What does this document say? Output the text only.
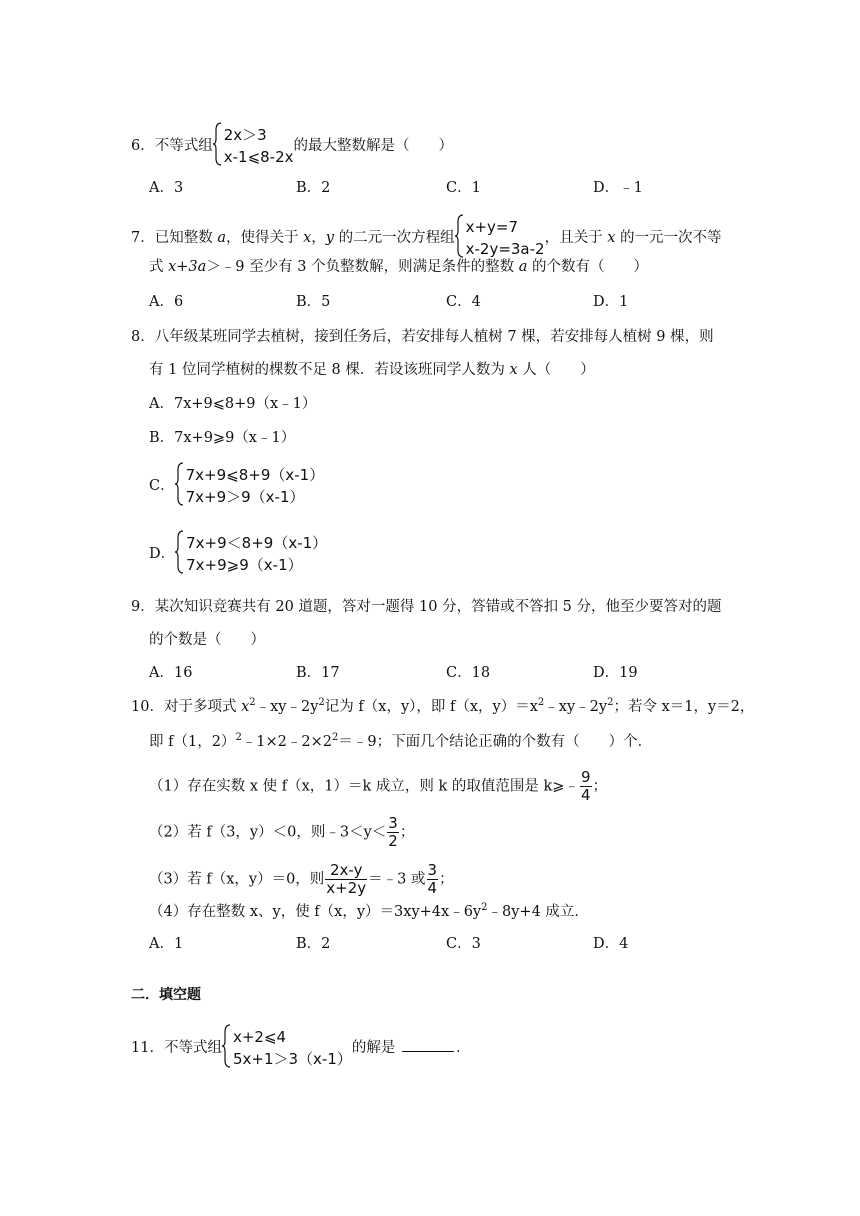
6．不等式组
2x＞3
x-1⩽8-2x
的最大整数解是（　　）
A．3	B．2	C．1	D．﹣1
7．已知整数 a，使得关于 x，y 的二元一次方程组
x+y=7
x-2y=3a-2
，且关于 x 的一元一次不等
式 x+3a＞﹣9 至少有 3 个负整数解，则满足条件的整数 a 的个数有（　　）
A．6	B．5	C．4	D．1
8．八年级某班同学去植树，接到任务后，若安排每人植树 7 棵，若安排每人植树 9 棵，则
有 1 位同学植树的棵数不足 8 棵．若设该班同学人数为 x 人（　　）
A．7x+9⩽8+9（x﹣1）
B．7x+9⩾9（x﹣1）
C．
7x+9⩽8+9（x-1）
7x+9＞9（x-1）
D．
7x+9＜8+9（x-1）
7x+9⩾9（x-1）
9．某次知识竞赛共有 20 道题，答对一题得 10 分，答错或不答扣 5 分，他至少要答对的题
的个数是（　　）
A．16	B．17	C．18	D．19
10．对于多项式 $x^2﹣xy﹣2y^2$记为 f（x，y），即 f（x，$y)=x^2﹣xy﹣2y^2$；若令 x＝1，y＝2，
即 f（1，$2)^2﹣1\times 2﹣2\times 2^2=﹣9$；下面几个结论正确的个数有（　　）个．
（1）存在实数 x 使 f（x，1）＝k 成立，则 k 的取值范围是 k⩾﹣ $\frac{9}{4}$ ；
（2）若 f（3，y）＜0，则﹣3＜y＜ $\frac{3}{2}$ ；
（3）若 f（x，y）＝0，则 $\frac{2x-y}{x+2y}$ ＝﹣3 或 $\frac{3}{4}$ ；
（4）存在整数 x、y，使 f（x，$y)=3xy+4x﹣6y^2﹣8y+4$ 成立．
A．1	B．2	C．3	D．4
二．填空题
11．不等式组
x+2⩽4
5x+1＞3（x-1）
的解是	．
